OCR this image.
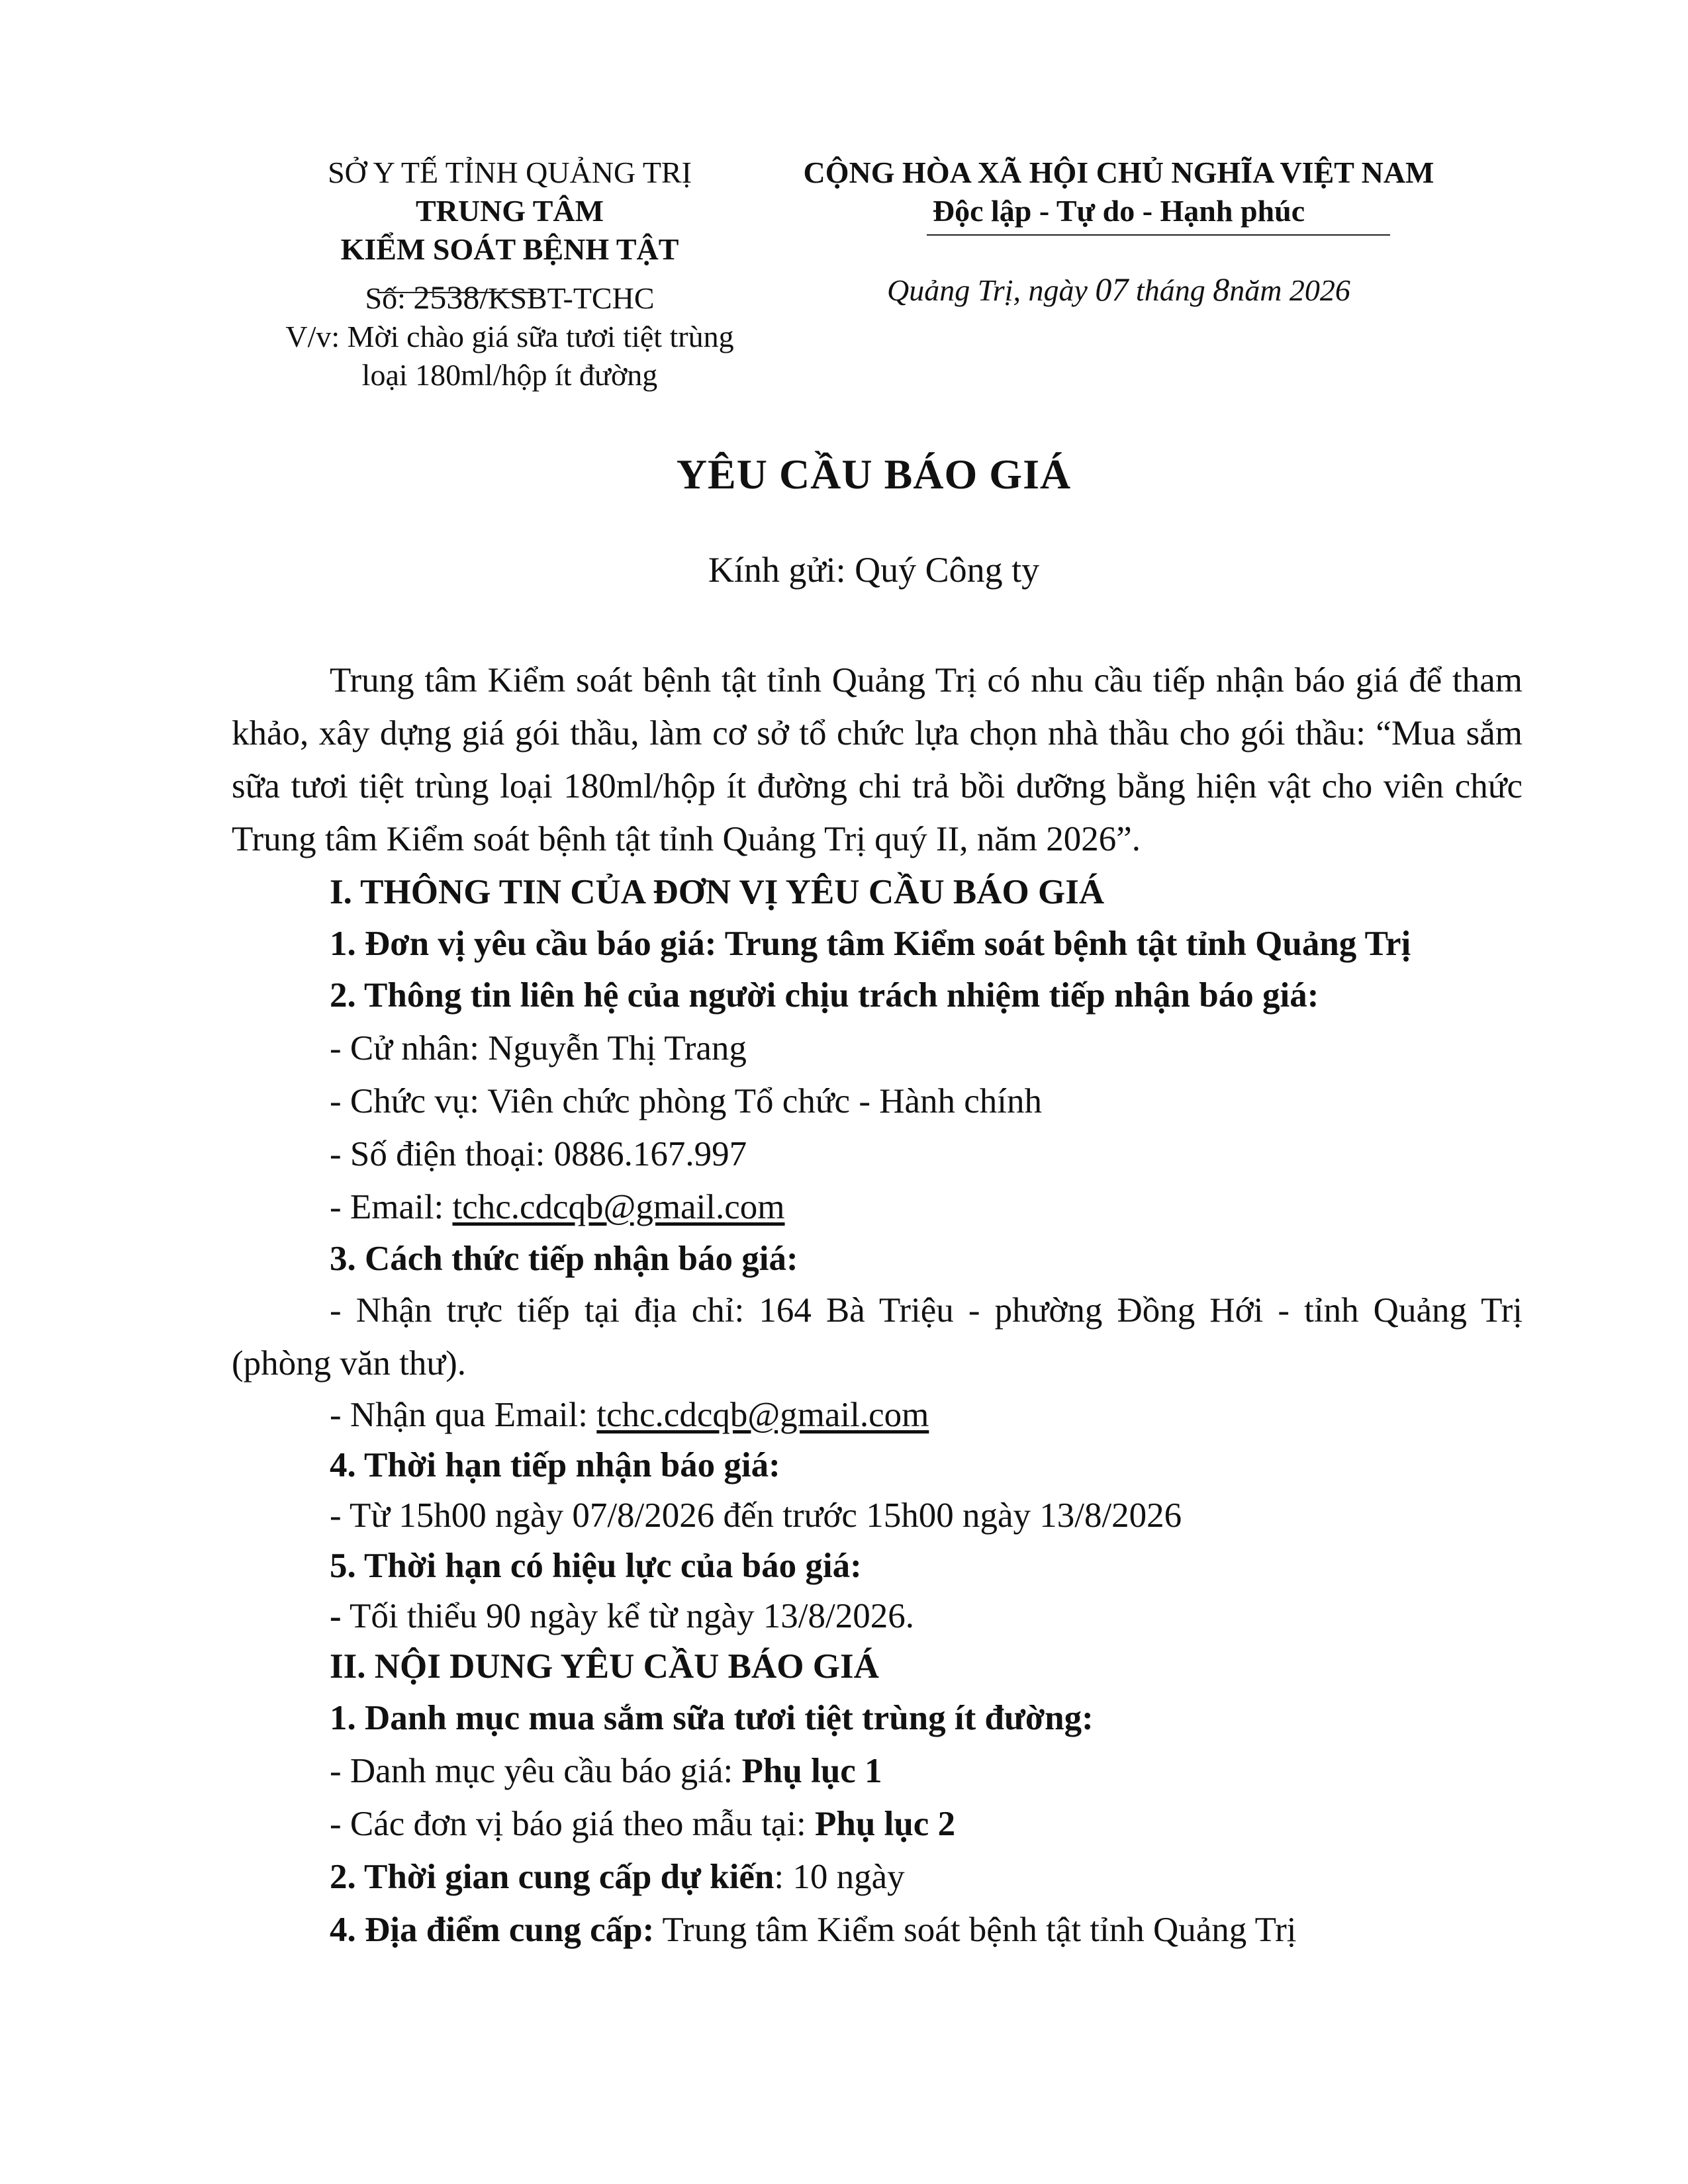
SỞ Y TẾ TỈNH QUẢNG TRỊ
TRUNG TÂM
KIỂM SOÁT BỆNH TẬT
Số: 2538/KSBT-TCHC
V/v: Mời chào giá sữa tươi tiệt trùng
loại 180ml/hộp ít đường
CỘNG HÒA XÃ HỘI CHỦ NGHĨA VIỆT NAM
Độc lập - Tự do - Hạnh phúc
Quảng Trị, ngày 07 tháng 8năm 2026
YÊU CẦU BÁO GIÁ
Kính gửi: Quý Công ty

Trung tâm Kiểm soát bệnh tật tỉnh Quảng Trị có nhu cầu tiếp nhận báo giá để tham khảo, xây dựng giá gói thầu, làm cơ sở tổ chức lựa chọn nhà thầu cho gói thầu: “Mua sắm sữa tươi tiệt trùng loại 180ml/hộp ít đường chi trả bồi dưỡng bằng hiện vật cho viên chức Trung tâm Kiểm soát bệnh tật tỉnh Quảng Trị quý II, năm 2026”.

I. THÔNG TIN CỦA ĐƠN VỊ YÊU CẦU BÁO GIÁ

1. Đơn vị yêu cầu báo giá: Trung tâm Kiểm soát bệnh tật tỉnh Quảng Trị

2. Thông tin liên hệ của người chịu trách nhiệm tiếp nhận báo giá:

- Cử nhân: Nguyễn Thị Trang

- Chức vụ: Viên chức phòng Tổ chức - Hành chính

- Số điện thoại: 0886.167.997

- Email: tchc.cdcqb@gmail.com

3. Cách thức tiếp nhận báo giá:

- Nhận trực tiếp tại địa chỉ: 164 Bà Triệu - phường Đồng Hới - tỉnh Quảng Trị (phòng văn thư).

- Nhận qua Email: tchc.cdcqb@gmail.com

4. Thời hạn tiếp nhận báo giá:

- Từ 15h00 ngày 07/8/2026 đến trước 15h00 ngày 13/8/2026

5. Thời hạn có hiệu lực của báo giá:

- Tối thiểu 90 ngày kể từ ngày 13/8/2026.

II. NỘI DUNG YÊU CẦU BÁO GIÁ

1. Danh mục mua sắm sữa tươi tiệt trùng ít đường:

- Danh mục yêu cầu báo giá: Phụ lục 1

- Các đơn vị báo giá theo mẫu tại: Phụ lục 2

2. Thời gian cung cấp dự kiến: 10 ngày

4. Địa điểm cung cấp: Trung tâm Kiểm soát bệnh tật tỉnh Quảng Trị
